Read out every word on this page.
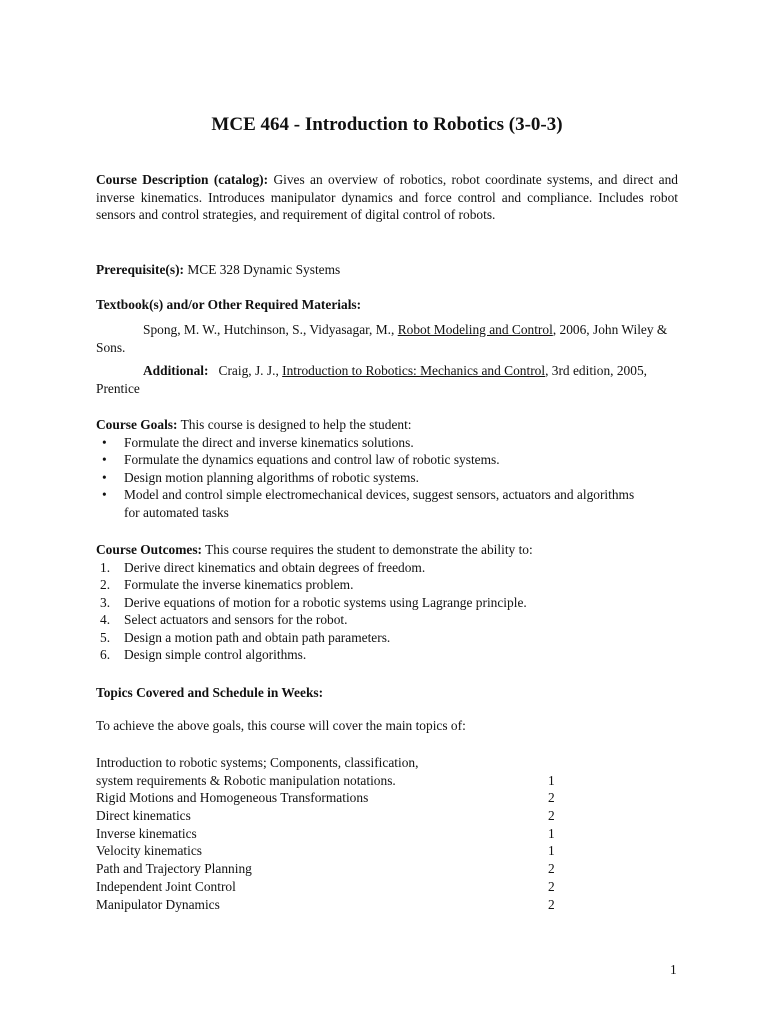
MCE 464 - Introduction to Robotics (3-0-3)
Course Description (catalog): Gives an overview of robotics, robot coordinate systems, and direct and inverse kinematics. Introduces manipulator dynamics and force control and compliance. Includes robot sensors and control strategies, and requirement of digital control of robots.
Prerequisite(s): MCE 328 Dynamic Systems
Textbook(s) and/or Other Required Materials:
Spong, M. W., Hutchinson, S., Vidyasagar, M., Robot Modeling and Control, 2006, John Wiley & Sons.
Additional:   Craig, J. J., Introduction to Robotics: Mechanics and Control, 3rd edition, 2005, Prentice
Course Goals: This course is designed to help the student:
• Formulate the direct and inverse kinematics solutions.
• Formulate the dynamics equations and control law of robotic systems.
• Design motion planning algorithms of robotic systems.
• Model and control simple electromechanical devices, suggest sensors, actuators and algorithms for automated tasks
Course Outcomes: This course requires the student to demonstrate the ability to:
1. Derive direct kinematics and obtain degrees of freedom.
2. Formulate the inverse kinematics problem.
3. Derive equations of motion for a robotic systems using Lagrange principle.
4. Select actuators and sensors for the robot.
5. Design a motion path and obtain path parameters.
6. Design simple control algorithms.
Topics Covered and Schedule in Weeks:
To achieve the above goals, this course will cover the main topics of:
Introduction to robotic systems; Components, classification,
system requirements & Robotic manipulation notations.	1
Rigid Motions and Homogeneous Transformations	2
Direct kinematics	2
Inverse kinematics	1
Velocity kinematics	1
Path and Trajectory Planning	2
Independent Joint Control	2
Manipulator Dynamics	2
1
